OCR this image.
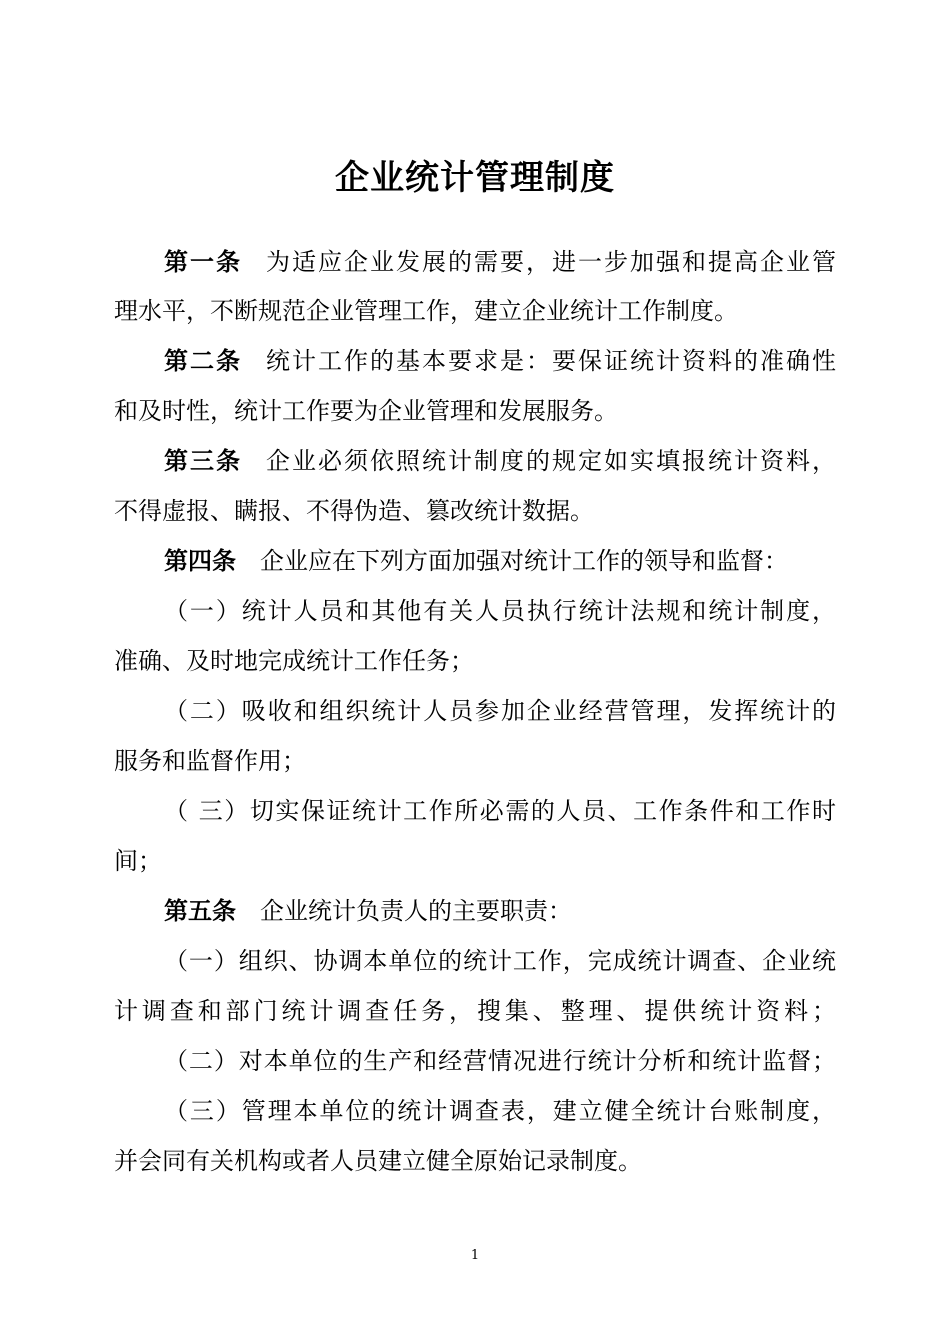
企业统计管理制度
第一条 为适应企业发展的需要，进一步加强和提高企业管
理水平，不断规范企业管理工作，建立企业统计工作制度。
第二条 统计工作的基本要求是：要保证统计资料的准确性
和及时性，统计工作要为企业管理和发展服务。
第三条 企业必须依照统计制度的规定如实填报统计资料，
不得虚报、瞒报、不得伪造、篡改统计数据。
第四条 企业应在下列方面加强对统计工作的领导和监督：
（一）统计人员和其他有关人员执行统计法规和统计制度，
准确、及时地完成统计工作任务；
（二）吸收和组织统计人员参加企业经营管理，发挥统计的
服务和监督作用；
（ 三）切实保证统计工作所必需的人员、工作条件和工作时
间；
第五条 企业统计负责人的主要职责：
（一）组织、协调本单位的统计工作，完成统计调查、企业统
计调查和部门统计调查任务，搜集、整理、提供统计资料；
（二）对本单位的生产和经营情况进行统计分析和统计监督；
（三）管理本单位的统计调查表，建立健全统计台账制度，
并会同有关机构或者人员建立健全原始记录制度。
1
